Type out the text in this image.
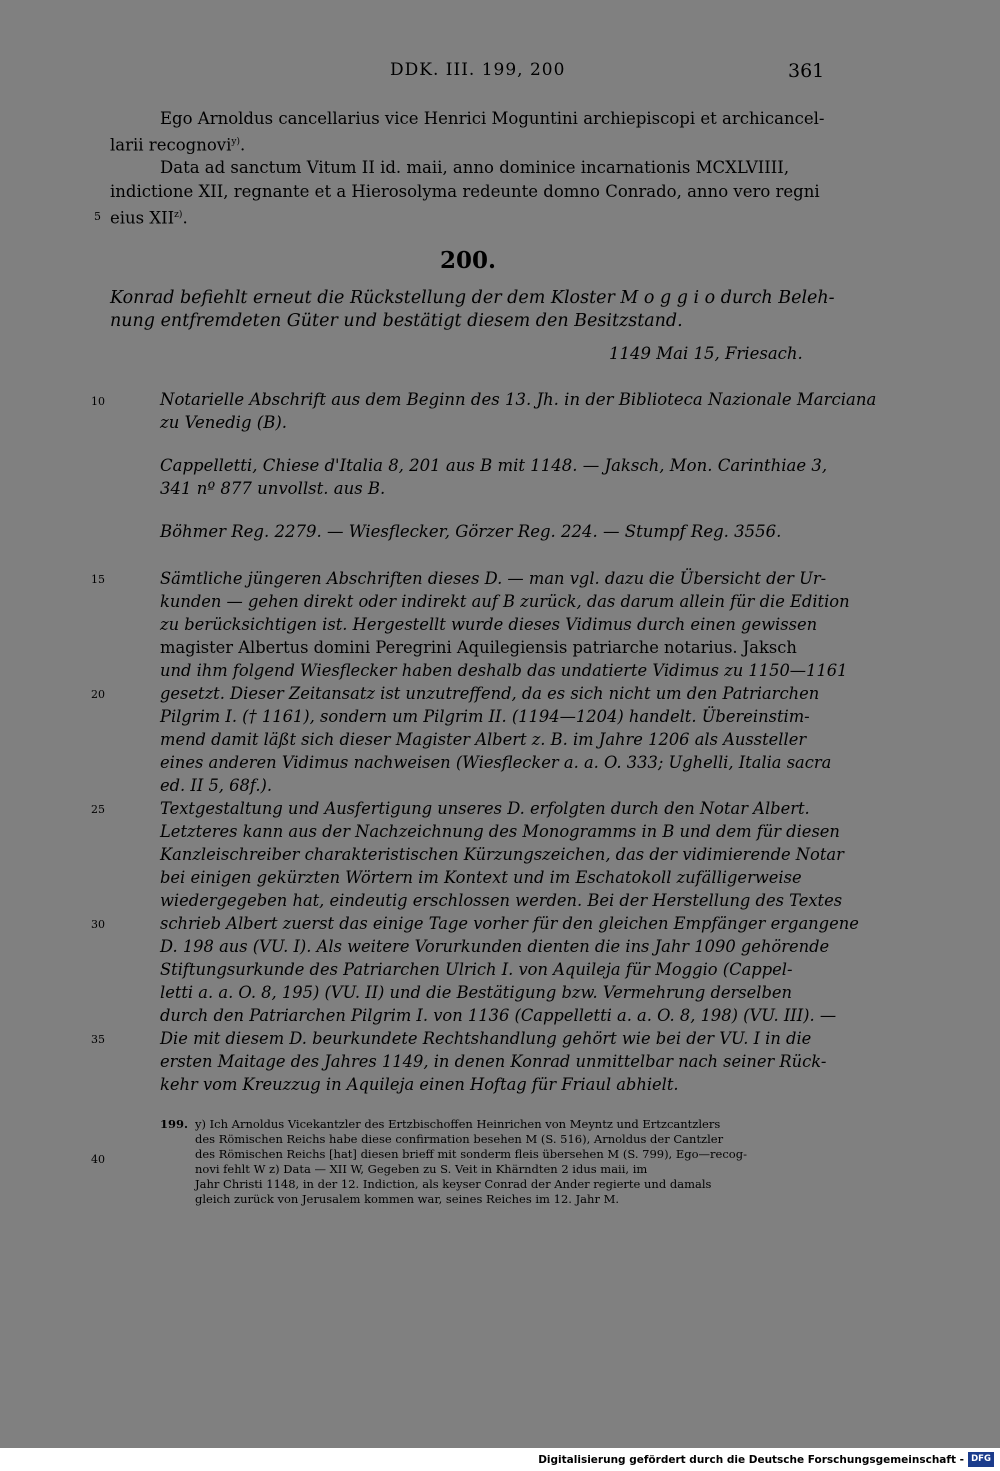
DDK. III. 199, 200	361
Ego Arnoldus cancellarius vice Henrici Moguntini archiepiscopi et archicancel-
larii recognovi$^{y)}$.
Data ad sanctum Vitum II id. maii, anno dominice incarnationis MCXLVIIII,
indictione XII, regnante et a Hierosolyma redeunte domno Conrado, anno vero regni
eius XII$^{z)}$.
5
10
15
20
25
30
35
40
200.
Konrad befiehlt erneut die Rückstellung der dem Kloster M o g g i o durch Beleh-
nung entfremdeten Güter und bestätigt diesem den Besitzstand.
1149 Mai 15, Friesach.
Notarielle Abschrift aus dem Beginn des 13. Jh. in der Biblioteca Nazionale Marciana
zu Venedig (B).
Cappelletti, Chiese d'Italia 8, 201 aus B mit 1148. — Jaksch, Mon. Carinthiae 3,
341 nº 877 unvollst. aus B.
Böhmer Reg. 2279. — Wiesflecker, Görzer Reg. 224. — Stumpf Reg. 3556.
Sämtliche jüngeren Abschriften dieses D. — man vgl. dazu die Übersicht der Ur-
kunden — gehen direkt oder indirekt auf B zurück, das darum allein für die Edition
zu berücksichtigen ist. Hergestellt wurde dieses Vidimus durch einen gewissen
magister Albertus domini Peregrini Aquilegiensis patriarche notarius. Jaksch
und ihm folgend Wiesflecker haben deshalb das undatierte Vidimus zu 1150—1161
gesetzt. Dieser Zeitansatz ist unzutreffend, da es sich nicht um den Patriarchen
Pilgrim I. († 1161), sondern um Pilgrim II. (1194—1204) handelt. Übereinstim-
mend damit läßt sich dieser Magister Albert z. B. im Jahre 1206 als Aussteller
eines anderen Vidimus nachweisen (Wiesflecker a. a. O. 333; Ughelli, Italia sacra
ed. II 5, 68f.).
Textgestaltung und Ausfertigung unseres D. erfolgten durch den Notar Albert.
Letzteres kann aus der Nachzeichnung des Monogramms in B und dem für diesen
Kanzleischreiber charakteristischen Kürzungszeichen, das der vidimierende Notar
bei einigen gekürzten Wörtern im Kontext und im Eschatokoll zufälligerweise
wiedergegeben hat, eindeutig erschlossen werden. Bei der Herstellung des Textes
schrieb Albert zuerst das einige Tage vorher für den gleichen Empfänger ergangene
D. 198 aus (VU. I). Als weitere Vorurkunden dienten die ins Jahr 1090 gehörende
Stiftungsurkunde des Patriarchen Ulrich I. von Aquileja für Moggio (Cappel-
letti a. a. O. 8, 195) (VU. II) und die Bestätigung bzw. Vermehrung derselben
durch den Patriarchen Pilgrim I. von 1136 (Cappelletti a. a. O. 8, 198) (VU. III). —
Die mit diesem D. beurkundete Rechtshandlung gehört wie bei der VU. I in die
ersten Maitage des Jahres 1149, in denen Konrad unmittelbar nach seiner Rück-
kehr vom Kreuzzug in Aquileja einen Hoftag für Friaul abhielt.
199. y) Ich Arnoldus Vicekantzler des Ertzbischoffen Heinrichen von Meyntz und Ertzcantzlers
des Römischen Reichs habe diese confirmation besehen M (S. 516), Arnoldus der Cantzler
des Römischen Reichs [hat] diesen brieff mit sonderm fleis übersehen M (S. 799), Ego—recog-
novi fehlt W z) Data — XII W, Gegeben zu S. Veit in Khärndten 2 idus maii, im
Jahr Christi 1148, in der 12. Indiction, als keyser Conrad der Ander regierte und damals
gleich zurück von Jerusalem kommen war, seines Reiches im 12. Jahr M.
Digitalisierung gefördert durch die Deutsche Forschungsgemeinschaft - DFG
